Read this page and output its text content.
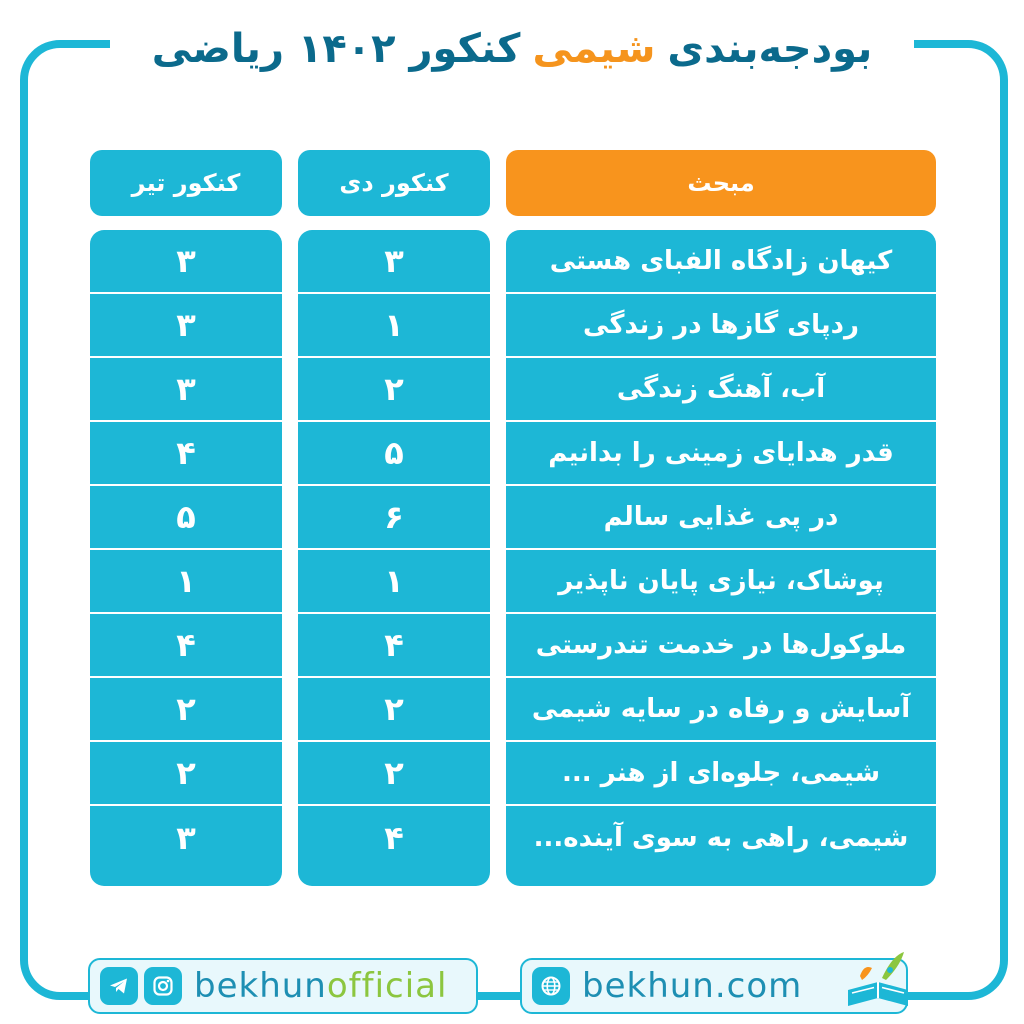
بودجه‌بندی
شیمی
کنکور ۱۴۰۲ ریاضی
مبحث
کنکور دی
کنکور تیر
کیهان زادگاه الفبای هستی
ردپای گازها در زندگی
آب، آهنگ زندگی
قدر هدایای زمینی را بدانیم
در پی غذایی سالم
پوشاک، نیازی پایان ناپذیر
ملوکول‌ها در خدمت تندرستی
آسایش و رفاه در سایه شیمی
شیمی، جلوه‌ای از هنر ...
شیمی، راهی به سوی آینده...
۳
۱
۲
۵
۶
۱
۴
۲
۲
۴
۳
۳
۳
۴
۵
۱
۴
۲
۲
۳
bekhunofficial	bekhun.com
